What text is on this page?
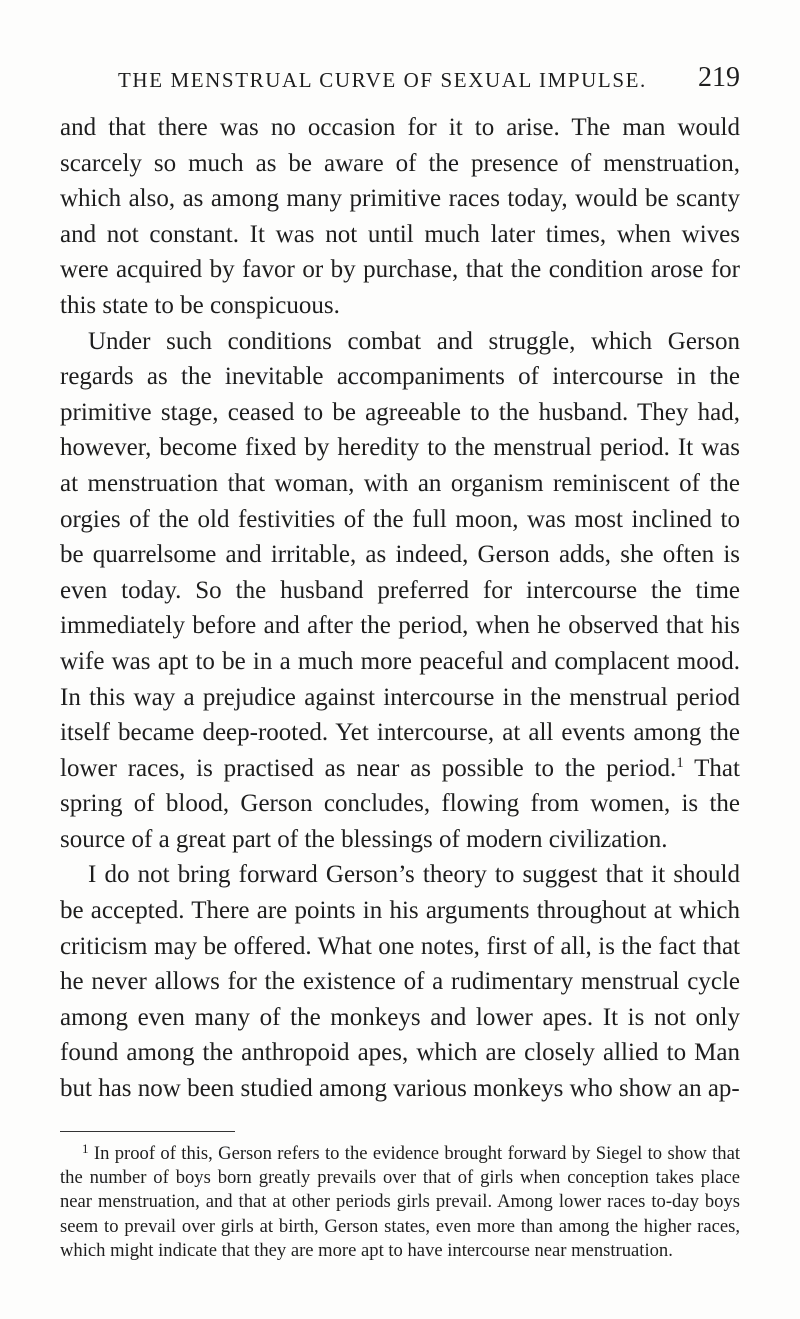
THE MENSTRUAL CURVE OF SEXUAL IMPULSE. 219

and that there was no occasion for it to arise. The man would scarcely so much as be aware of the presence of menstruation, which also, as among many primitive races today, would be scanty and not constant. It was not until much later times, when wives were acquired by favor or by purchase, that the condition arose for this state to be conspicuous.

Under such conditions combat and struggle, which Gerson regards as the inevitable accompaniments of intercourse in the primitive stage, ceased to be agreeable to the husband. They had, however, become fixed by heredity to the menstrual period. It was at menstruation that woman, with an organism reminiscent of the orgies of the old festivities of the full moon, was most inclined to be quarrelsome and irritable, as indeed, Gerson adds, she often is even today. So the husband preferred for intercourse the time immediately before and after the period, when he observed that his wife was apt to be in a much more peaceful and complacent mood. In this way a prejudice against intercourse in the menstrual period itself became deep-rooted. Yet intercourse, at all events among the lower races, is practised as near as possible to the period.$^1$ That spring of blood, Gerson concludes, flowing from women, is the source of a great part of the blessings of modern civilization.

I do not bring forward Gerson’s theory to suggest that it should be accepted. There are points in his arguments throughout at which criticism may be offered. What one notes, first of all, is the fact that he never allows for the existence of a rudimentary menstrual cycle among even many of the monkeys and lower apes. It is not only found among the anthropoid apes, which are closely allied to Man but has now been studied among various monkeys who show an ap-

$^1$ In proof of this, Gerson refers to the evidence brought forward by Siegel to show that the number of boys born greatly prevails over that of girls when conception takes place near menstruation, and that at other periods girls prevail. Among lower races to-day boys seem to prevail over girls at birth, Gerson states, even more than among the higher races, which might indicate that they are more apt to have intercourse near menstruation.
